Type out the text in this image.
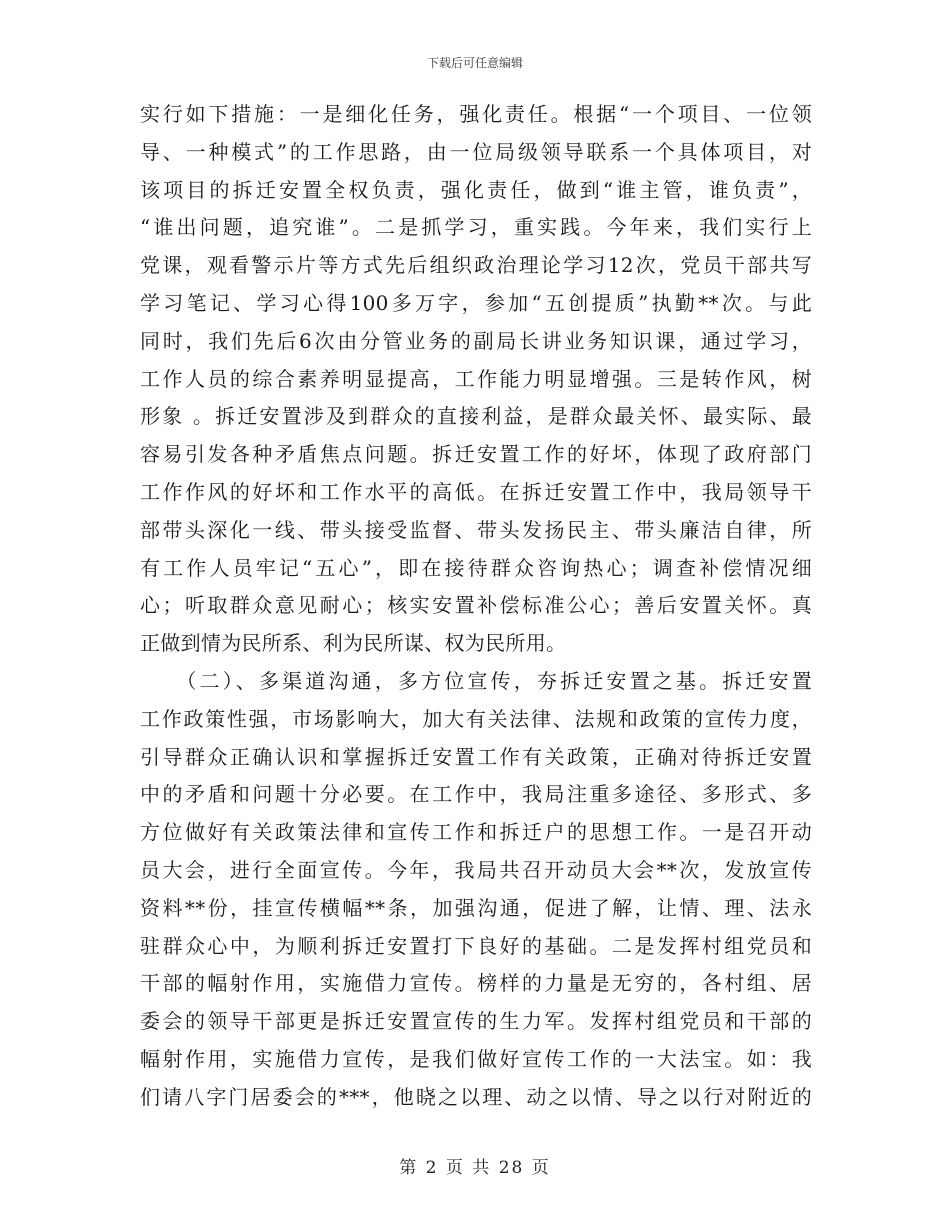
下载后可任意编辑
实行如下措施：一是细化任务，强化责任。根据“一个项目、一位领
导、一种模式”的工作思路，由一位局级领导联系一个具体项目，对
该项目的拆迁安置全权负责，强化责任，做到“谁主管，谁负责”，
“谁出问题，追究谁”。二是抓学习，重实践。今年来，我们实行上
党课，观看警示片等方式先后组织政治理论学习12次，党员干部共写
学习笔记、学习心得100多万字，参加“五创提质”执勤**次。与此
同时，我们先后6次由分管业务的副局长讲业务知识课，通过学习，
工作人员的综合素养明显提高，工作能力明显增强。三是转作风，树
形象 。拆迁安置涉及到群众的直接利益，是群众最关怀、最实际、最
容易引发各种矛盾焦点问题。拆迁安置工作的好坏，体现了政府部门
工作作风的好坏和工作水平的高低。在拆迁安置工作中，我局领导干
部带头深化一线、带头接受监督、带头发扬民主、带头廉洁自律，所
有工作人员牢记“五心”，即在接待群众咨询热心；调查补偿情况细
心；听取群众意见耐心；核实安置补偿标准公心；善后安置关怀。真
正做到情为民所系、利为民所谋、权为民所用。
　　（二）、多渠道沟通，多方位宣传，夯拆迁安置之基。拆迁安置
工作政策性强，市场影响大，加大有关法律、法规和政策的宣传力度，
引导群众正确认识和掌握拆迁安置工作有关政策，正确对待拆迁安置
中的矛盾和问题十分必要。在工作中，我局注重多途径、多形式、多
方位做好有关政策法律和宣传工作和拆迁户的思想工作。一是召开动
员大会，进行全面宣传。今年，我局共召开动员大会**次，发放宣传
资料**份，挂宣传横幅**条，加强沟通，促进了解，让情、理、法永
驻群众心中，为顺利拆迁安置打下良好的基础。二是发挥村组党员和
干部的幅射作用，实施借力宣传。榜样的力量是无穷的，各村组、居
委会的领导干部更是拆迁安置宣传的生力军。发挥村组党员和干部的
幅射作用，实施借力宣传，是我们做好宣传工作的一大法宝。如：我
们请八字门居委会的***，他晓之以理、动之以情、导之以行对附近的
第 2 页 共 28 页
